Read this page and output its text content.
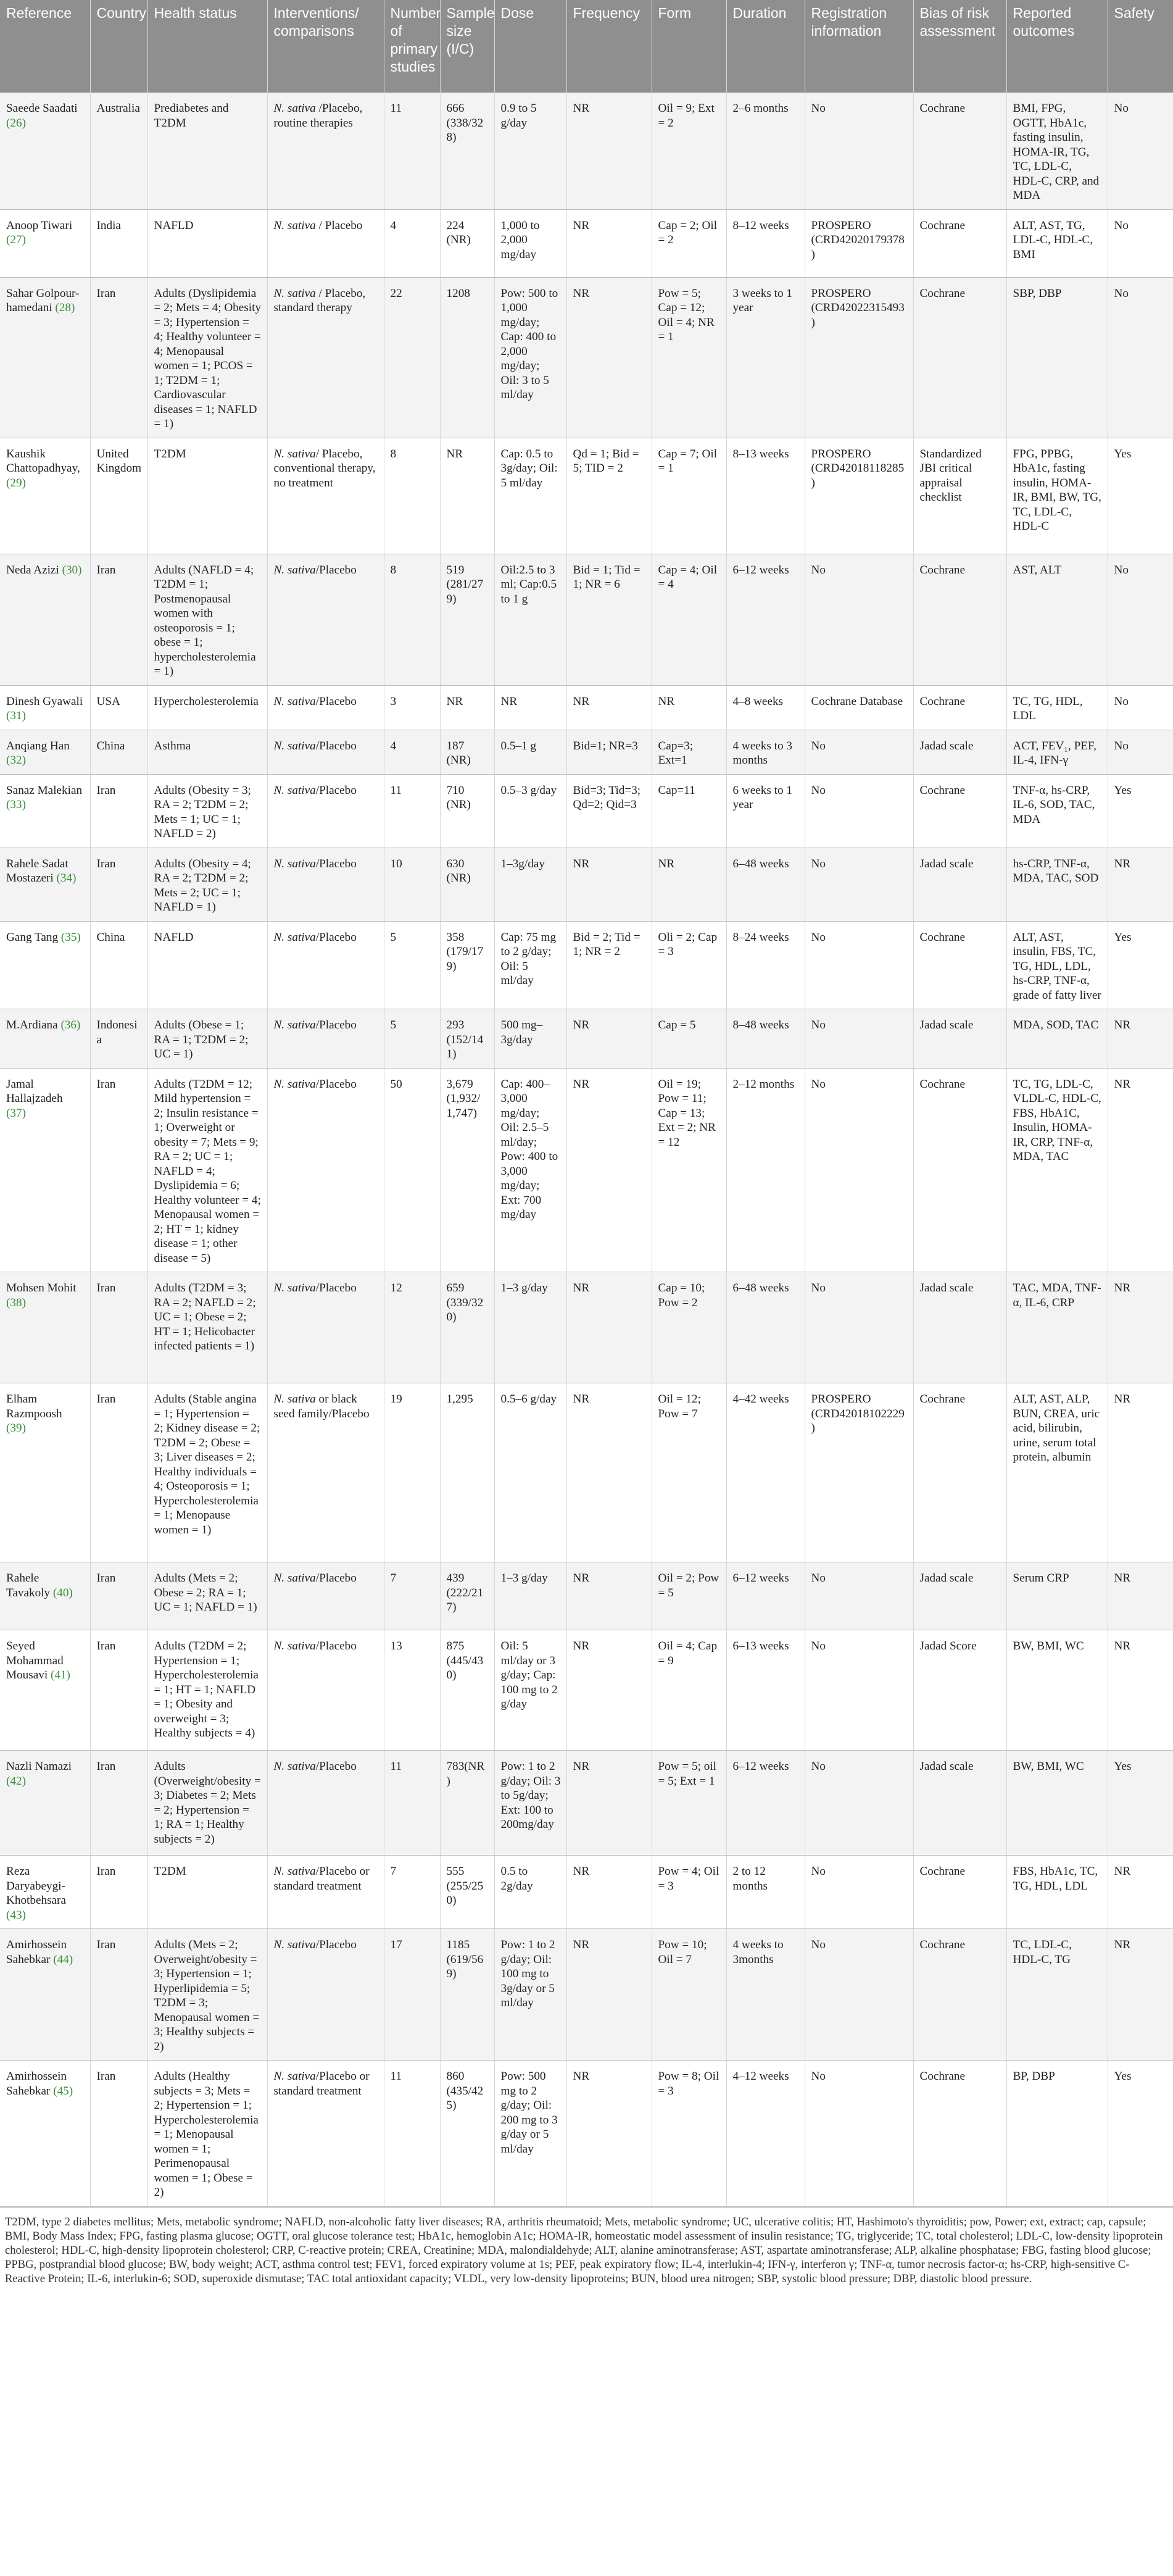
Reference	Country	Health status	Interventions/ comparisons	Number of primary studies	Sample size (I/C)	Dose	Frequency	Form	Duration	Registration information	Bias of risk assessment	Reported outcomes	Safety
Saeede Saadati (26)	Australia	Prediabetes and T2DM	N. sativa /Placebo, routine therapies	11	666 (338/328)	0.9 to 5 g/day	NR	Oil = 9; Ext = 2	2–6 months	No	Cochrane	BMI, FPG, OGTT, HbA1c, fasting insulin, HOMA-IR, TG, TC, LDL-C, HDL-C, CRP, and MDA	No
Anoop Tiwari (27)	India	NAFLD	N. sativa / Placebo	4	224 (NR)	1,000 to 2,000 mg/day	NR	Cap = 2; Oil = 2	8–12 weeks	PROSPERO (CRD42020179378)	Cochrane	ALT, AST, TG, LDL-C, HDL-C, BMI	No
Sahar Golpour-hamedani (28)	Iran	Adults (Dyslipidemia = 2; Mets = 4; Obesity = 3; Hypertension = 4; Healthy volunteer = 4; Menopausal women = 1; PCOS = 1; T2DM = 1; Cardiovascular diseases = 1; NAFLD = 1)	N. sativa / Placebo, standard therapy	22	1208	Pow: 500 to 1,000 mg/day; Cap: 400 to 2,000 mg/day; Oil: 3 to 5 ml/day	NR	Pow = 5; Cap = 12; Oil = 4; NR = 1	3 weeks to 1 year	PROSPERO (CRD42022315493)	Cochrane	SBP, DBP	No
Kaushik Chattopadhyay, (29)	United Kingdom	T2DM	N. sativa/ Placebo, conventional therapy, no treatment	8	NR	Cap: 0.5 to 3g/day; Oil: 5 ml/day	Qd = 1; Bid = 5; TID = 2	Cap = 7; Oil = 1	8–13 weeks	PROSPERO (CRD42018118285)	Standardized JBI critical appraisal checklist	FPG, PPBG, HbA1c, fasting insulin, HOMA-IR, BMI, BW, TG, TC, LDL-C, HDL-C	Yes
Neda Azizi (30)	Iran	Adults (NAFLD = 4; T2DM = 1; Postmenopausal women with osteoporosis = 1; obese = 1; hypercholesterolemia = 1)	N. sativa/Placebo	8	519 (281/279)	Oil:2.5 to 3 ml; Cap:0.5 to 1 g	Bid = 1; Tid = 1; NR = 6	Cap = 4; Oil = 4	6–12 weeks	No	Cochrane	AST, ALT	No
Dinesh Gyawali (31)	USA	Hypercholesterolemia	N. sativa/Placebo	3	NR	NR	NR	NR	4–8 weeks	Cochrane Database	Cochrane	TC, TG, HDL, LDL	No
Anqiang Han (32)	China	Asthma	N. sativa/Placebo	4	187 (NR)	0.5–1 g	Bid=1; NR=3	Cap=3; Ext=1	4 weeks to 3 months	No	Jadad scale	ACT, FEV₁, PEF, IL-4, IFN-γ	No
Sanaz Malekian (33)	Iran	Adults (Obesity = 3; RA = 2; T2DM = 2; Mets = 1; UC = 1; NAFLD = 2)	N. sativa/Placebo	11	710 (NR)	0.5–3 g/day	Bid=3; Tid=3; Qd=2; Qid=3	Cap=11	6 weeks to 1 year	No	Cochrane	TNF-α, hs-CRP, IL-6, SOD, TAC, MDA	Yes
Rahele Sadat Mostazeri (34)	Iran	Adults (Obesity = 4; RA = 2; T2DM = 2; Mets = 2; UC = 1; NAFLD = 1)	N. sativa/Placebo	10	630 (NR)	1–3g/day	NR	NR	6–48 weeks	No	Jadad scale	hs-CRP, TNF-α, MDA, TAC, SOD	NR
Gang Tang (35)	China	NAFLD	N. sativa/Placebo	5	358 (179/179)	Cap: 75 mg to 2 g/day; Oil: 5 ml/day	Bid = 2; Tid = 1; NR = 2	Oli = 2; Cap = 3	8–24 weeks	No	Cochrane	ALT, AST, insulin, FBS, TC, TG, HDL, LDL, hs-CRP, TNF-α, grade of fatty liver	Yes
M.Ardiana (36)	Indonesia	Adults (Obese = 1; RA = 1; T2DM = 2; UC = 1)	N. sativa/Placebo	5	293 (152/141)	500 mg–3g/day	NR	Cap = 5	8–48 weeks	No	Jadad scale	MDA, SOD, TAC	NR
Jamal Hallajzadeh (37)	Iran	Adults (T2DM = 12; Mild hypertension = 2; Insulin resistance = 1; Overweight or obesity = 7; Mets = 9; RA = 2; UC = 1; NAFLD = 4; Dyslipidemia = 6; Healthy volunteer = 4; Menopausal women = 2; HT = 1; kidney disease = 1; other disease = 5)	N. sativa/Placebo	50	3,679 (1,932/ 1,747)	Cap: 400–3,000 mg/day; Oil: 2.5–5 ml/day; Pow: 400 to 3,000 mg/day; Ext: 700 mg/day	NR	Oil = 19; Pow = 11; Cap = 13; Ext = 2; NR = 12	2–12 months	No	Cochrane	TC, TG, LDL-C, VLDL-C, HDL-C, FBS, HbA1C, Insulin, HOMA-IR, CRP, TNF-α, MDA, TAC	NR
Mohsen Mohit (38)	Iran	Adults (T2DM = 3; RA = 2; NAFLD = 2; UC = 1; Obese = 2; HT = 1; Helicobacter infected patients = 1)	N. sativa/Placebo	12	659 (339/320)	1–3 g/day	NR	Cap = 10; Pow = 2	6–48 weeks	No	Jadad scale	TAC, MDA, TNF-α, IL-6, CRP	NR
Elham Razmpoosh (39)	Iran	Adults (Stable angina = 1; Hypertension = 2; Kidney disease = 2; T2DM = 2; Obese = 3; Liver diseases = 2; Healthy individuals = 4; Osteoporosis = 1; Hypercholesterolemia = 1; Menopause women = 1)	N. sativa or black seed family/Placebo	19	1,295	0.5–6 g/day	NR	Oil = 12; Pow = 7	4–42 weeks	PROSPERO (CRD42018102229)	Cochrane	ALT, AST, ALP, BUN, CREA, uric acid, bilirubin, urine, serum total protein, albumin	NR
Rahele Tavakoly (40)	Iran	Adults (Mets = 2; Obese = 2; RA = 1; UC = 1; NAFLD = 1)	N. sativa/Placebo	7	439 (222/217)	1–3 g/day	NR	Oil = 2; Pow = 5	6–12 weeks	No	Jadad scale	Serum CRP	NR
Seyed Mohammad Mousavi (41)	Iran	Adults (T2DM = 2; Hypertension = 1; Hypercholesterolemia = 1; HT = 1; NAFLD = 1; Obesity and overweight = 3; Healthy subjects = 4)	N. sativa/Placebo	13	875 (445/430)	Oil: 5 ml/day or 3 g/day; Cap: 100 mg to 2 g/day	NR	Oil = 4; Cap = 9	6–13 weeks	No	Jadad Score	BW, BMI, WC	NR
Nazli Namazi (42)	Iran	Adults (Overweight/obesity = 3; Diabetes = 2; Mets = 2; Hypertension = 1; RA = 1; Healthy subjects = 2)	N. sativa/Placebo	11	783(NR)	Pow: 1 to 2 g/day; Oil: 3 to 5g/day; Ext: 100 to 200mg/day	NR	Pow = 5; oil = 5; Ext = 1	6–12 weeks	No	Jadad scale	BW, BMI, WC	Yes
Reza Daryabeygi-Khotbehsara (43)	Iran	T2DM	N. sativa/Placebo or standard treatment	7	555 (255/250)	0.5 to 2g/day	NR	Pow = 4; Oil = 3	2 to 12 months	No	Cochrane	FBS, HbA1c, TC, TG, HDL, LDL	NR
Amirhossein Sahebkar (44)	Iran	Adults (Mets = 2; Overweight/obesity = 3; Hypertension = 1; Hyperlipidemia = 5; T2DM = 3; Menopausal women = 3; Healthy subjects = 2)	N. sativa/Placebo	17	1185 (619/569)	Pow: 1 to 2 g/day; Oil: 100 mg to 3g/day or 5 ml/day	NR	Pow = 10; Oil = 7	4 weeks to 3months	No	Cochrane	TC, LDL-C, HDL-C, TG	NR
Amirhossein Sahebkar (45)	Iran	Adults (Healthy subjects = 3; Mets = 2; Hypertension = 1; Hypercholesterolemia = 1; Menopausal women = 1; Perimenopausal women = 1; Obese = 2)	N. sativa/Placebo or standard treatment	11	860 (435/425)	Pow: 500 mg to 2 g/day; Oil: 200 mg to 3 g/day or 5 ml/day	NR	Pow = 8; Oil = 3	4–12 weeks	No	Cochrane	BP, DBP	Yes
T2DM, type 2 diabetes mellitus; Mets, metabolic syndrome; NAFLD, non-alcoholic fatty liver diseases; RA, arthritis rheumatoid; Mets, metabolic syndrome; UC, ulcerative colitis; HT, Hashimoto's thyroiditis; pow, Power; ext, extract; cap, capsule; BMI, Body Mass Index; FPG, fasting plasma glucose; OGTT, oral glucose tolerance test; HbA1c, hemoglobin A1c; HOMA-IR, homeostatic model assessment of insulin resistance; TG, triglyceride; TC, total cholesterol; LDL-C, low-density lipoprotein cholesterol; HDL-C, high-density lipoprotein cholesterol; CRP, C-reactive protein; CREA, Creatinine; MDA, malondialdehyde; ALT, alanine aminotransferase; AST, aspartate aminotransferase; ALP, alkaline phosphatase; FBG, fasting blood glucose; PPBG, postprandial blood glucose; BW, body weight; ACT, asthma control test; FEV1, forced expiratory volume at 1s; PEF, peak expiratory flow; IL-4, interlukin-4; IFN-γ, interferon γ; TNF-α, tumor necrosis factor-α; hs-CRP, high-sensitive C-Reactive Protein; IL-6, interlukin-6; SOD, superoxide dismutase; TAC total antioxidant capacity; VLDL, very low-density lipoproteins; BUN, blood urea nitrogen; SBP, systolic blood pressure; DBP, diastolic blood pressure.
